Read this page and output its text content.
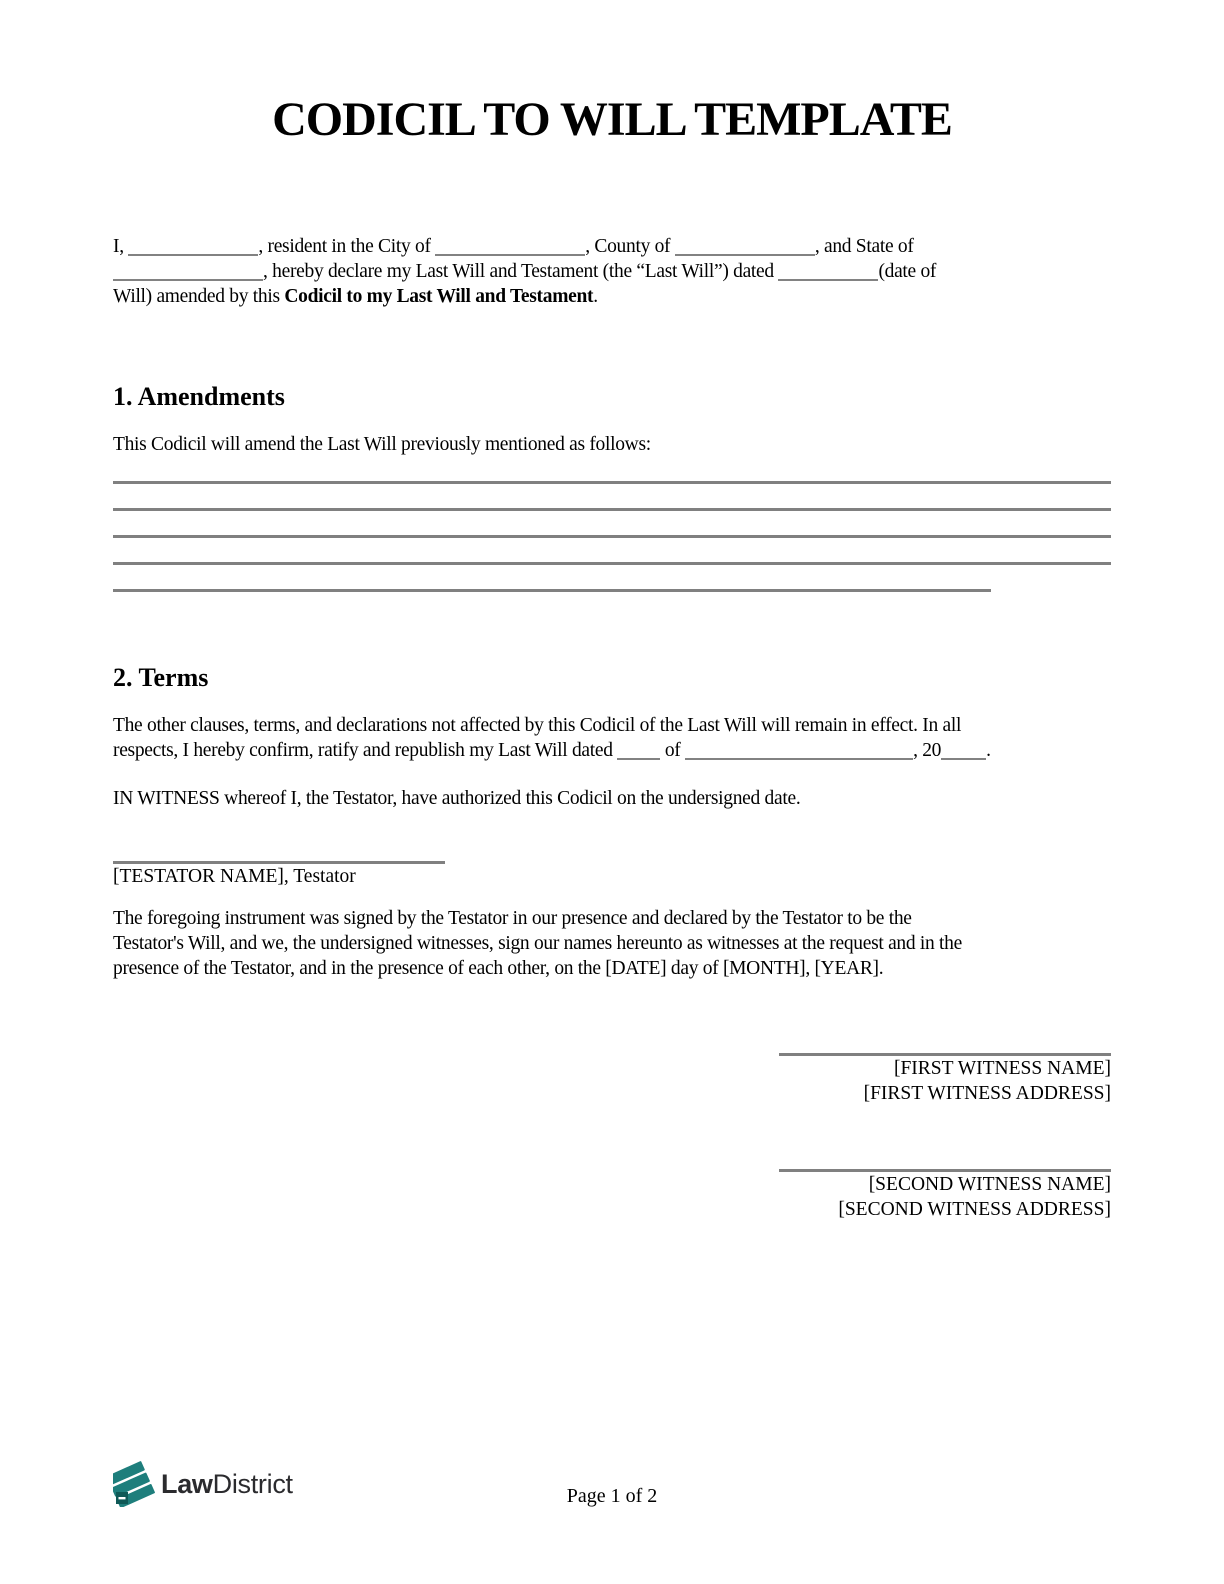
CODICIL TO WILL TEMPLATE

I,	, resident in the City of	, County of	, and State of
, hereby declare my Last Will and Testament (the “Last Will”) dated	(date of
Will) amended by this Codicil to my Last Will and Testament.

1. Amendments

This Codicil will amend the Last Will previously mentioned as follows:

2. Terms

The other clauses, terms, and declarations not affected by this Codicil of the Last Will will remain in effect. In all
respects, I hereby confirm, ratify and republish my Last Will dated	of	, 20 .

IN WITNESS whereof I, the Testator, have authorized this Codicil on the undersigned date.

[TESTATOR NAME], Testator

The foregoing instrument was signed by the Testator in our presence and declared by the Testator to be the
Testator's Will, and we, the undersigned witnesses, sign our names hereunto as witnesses at the request and in the
presence of the Testator, and in the presence of each other, on the [DATE] day of [MONTH], [YEAR].

[FIRST WITNESS NAME]
[FIRST WITNESS ADDRESS]
[SECOND WITNESS NAME]
[SECOND WITNESS ADDRESS]
LawDistrict	Page 1 of 2
